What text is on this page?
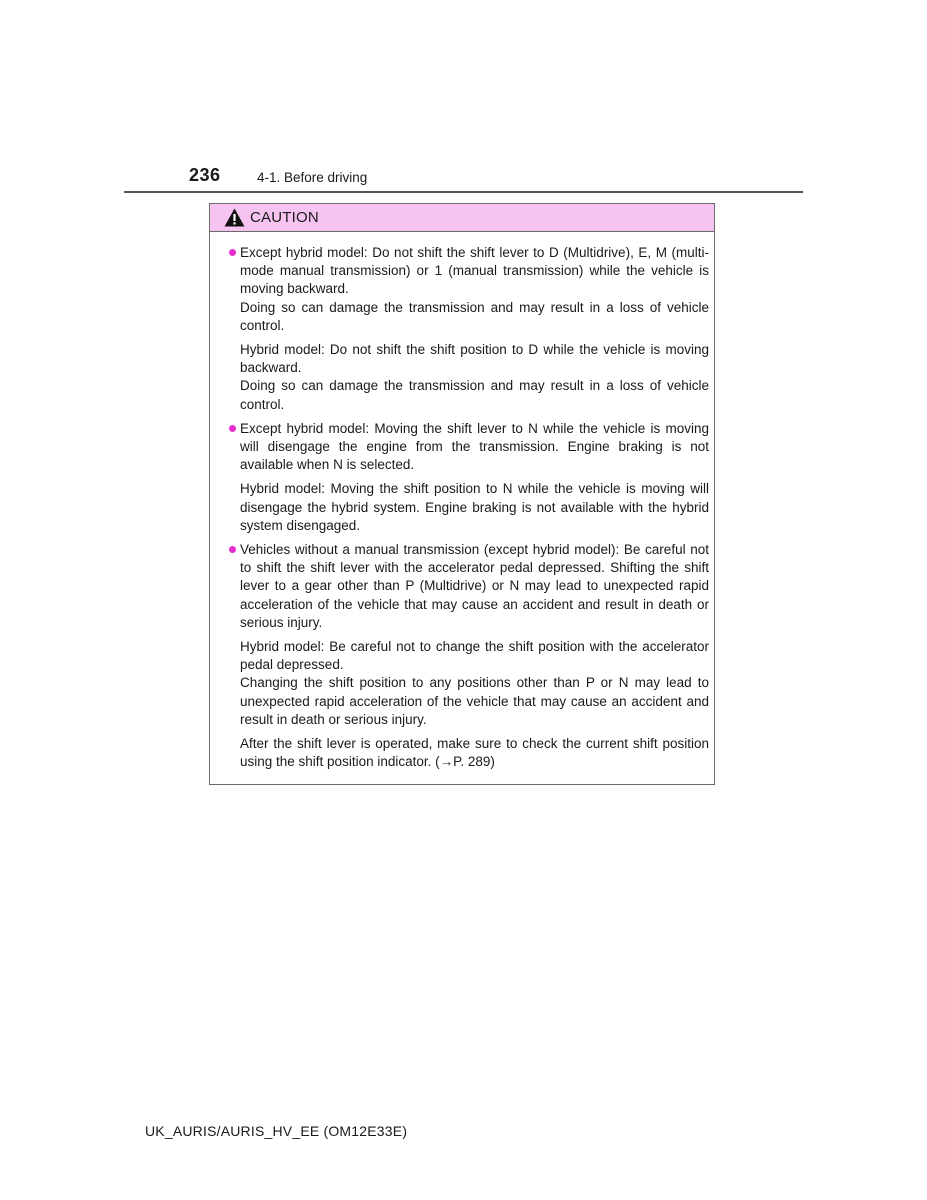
236	4-1. Before driving
CAUTION

Except hybrid model: Do not shift the shift lever to D (Multidrive), E, M (multi-mode manual transmission) or 1 (manual transmission) while the vehicle is moving backward.
Doing so can damage the transmission and may result in a loss of vehicle control.

Hybrid model: Do not shift the shift position to D while the vehicle is moving backward.
Doing so can damage the transmission and may result in a loss of vehicle control.

Except hybrid model: Moving the shift lever to N while the vehicle is moving will disengage the engine from the transmission. Engine braking is not available when N is selected.

Hybrid model: Moving the shift position to N while the vehicle is moving will disengage the hybrid system. Engine braking is not available with the hybrid system disengaged.

Vehicles without a manual transmission (except hybrid model): Be careful not to shift the shift lever with the accelerator pedal depressed. Shifting the shift lever to a gear other than P (Multidrive) or N may lead to unexpected rapid acceleration of the vehicle that may cause an accident and result in death or serious injury.

Hybrid model: Be careful not to change the shift position with the accelerator pedal depressed.
Changing the shift position to any positions other than P or N may lead to unexpected rapid acceleration of the vehicle that may cause an accident and result in death or serious injury.

After the shift lever is operated, make sure to check the current shift position using the shift position indicator. (→P. 289)

UK_AURIS/AURIS_HV_EE (OM12E33E)
